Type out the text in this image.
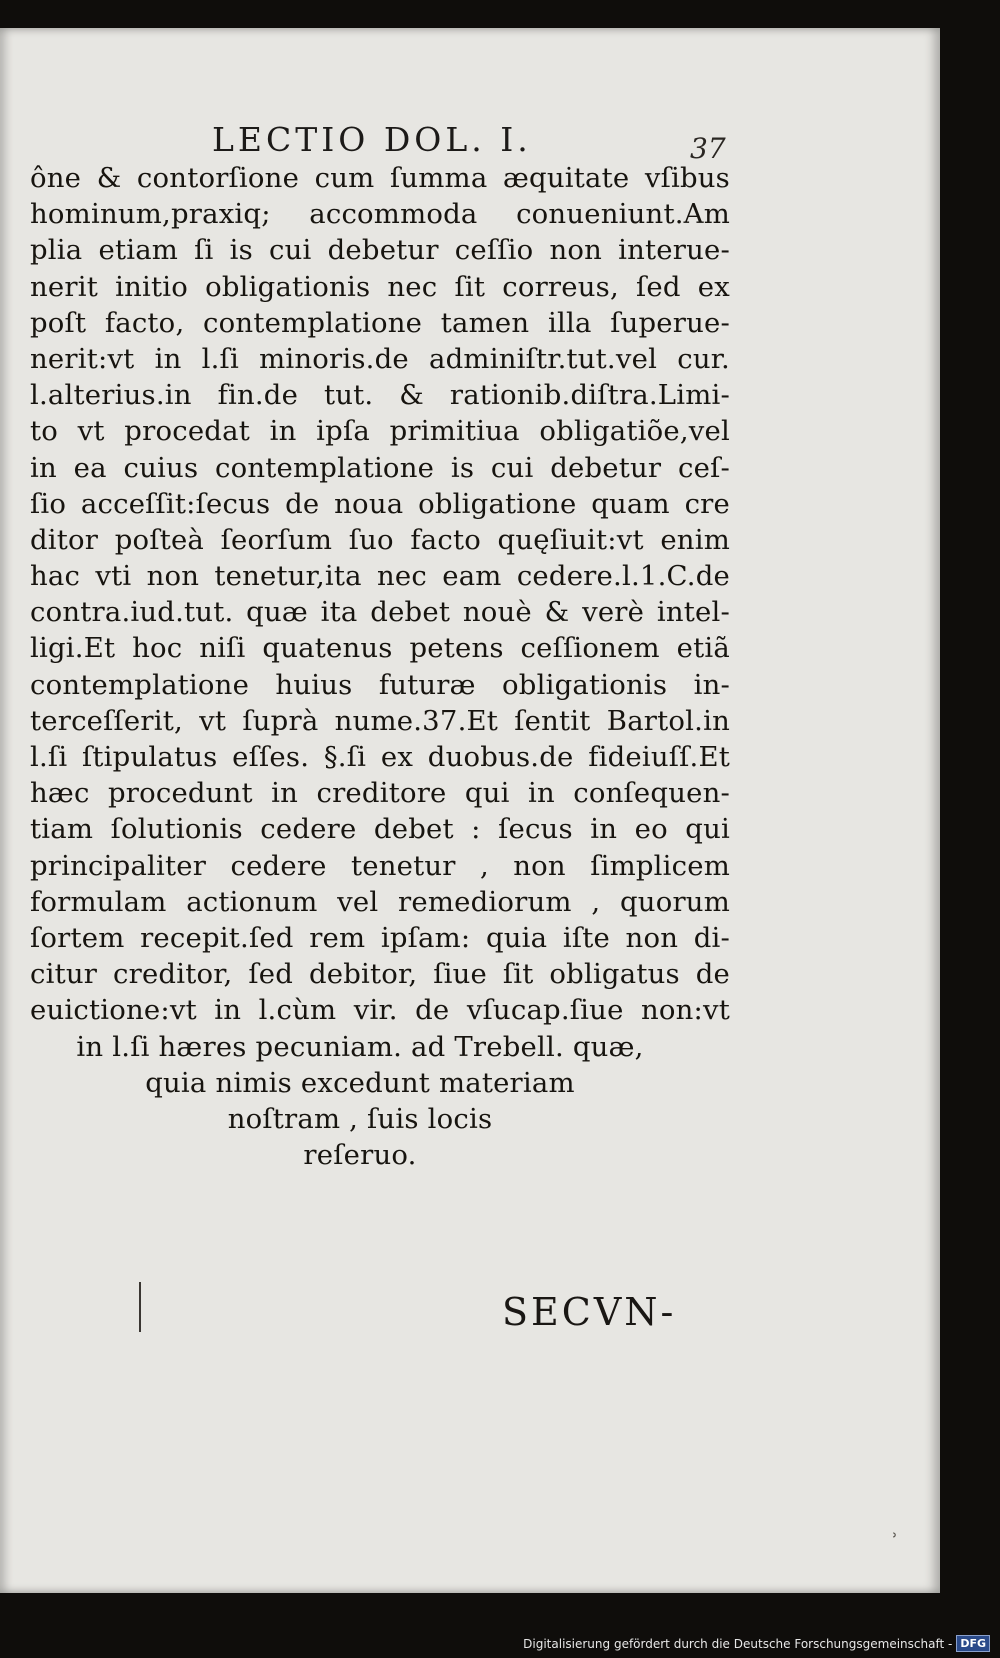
LECTIO DOL. I.	37
ône & contorſione cum ſumma æquitate vſibus
hominum,praxiq; accommoda conueniunt.Am
plia etiam ſi is cui debetur ceſſio non interue-
nerit initio obligationis nec ſit correus, ſed ex
poſt facto, contemplatione tamen illa ſuperue-
nerit:vt in l.ſi minoris.de adminiſtr.tut.vel cur.
l.alterius.in fin.de tut. & rationib.diſtra.Limi-
to vt procedat in ipſa primitiua obligatiõe,vel
in ea cuius contemplatione is cui debetur ceſ-
ſio acceſſit:ſecus de noua obligatione quam cre
ditor poſteà ſeorſum ſuo facto quęſiuit:vt enim
hac vti non tenetur,ita nec eam cedere.l.1.C.de
contra.iud.tut. quæ ita debet nouè & verè intel-
ligi.Et hoc niſi quatenus petens ceſſionem etiã
contemplatione huius futuræ obligationis in-
terceſſerit, vt ſuprà nume.37.Et ſentit Bartol.in
l.ſi ſtipulatus eſſes. §.ſi ex duobus.de fideiuſſ.Et
hæc procedunt in creditore qui in conſequen-
tiam ſolutionis cedere debet : ſecus in eo qui
principaliter cedere tenetur , non ſimplicem
formulam actionum vel remediorum , quorum
ſortem recepit.ſed rem ipſam: quia iſte non di-
citur creditor, ſed debitor, ſiue ſit obligatus de
euictione:vt in l.cùm vir. de vſucap.ſiue non:vt
in l.ſi hæres pecuniam. ad Trebell. quæ,
quia nimis excedunt materiam
noſtram , ſuis locis
reſeruo.
SECVN-
ʾ
Digitalisierung gefördert durch die Deutsche Forschungsgemeinschaft - DFG
